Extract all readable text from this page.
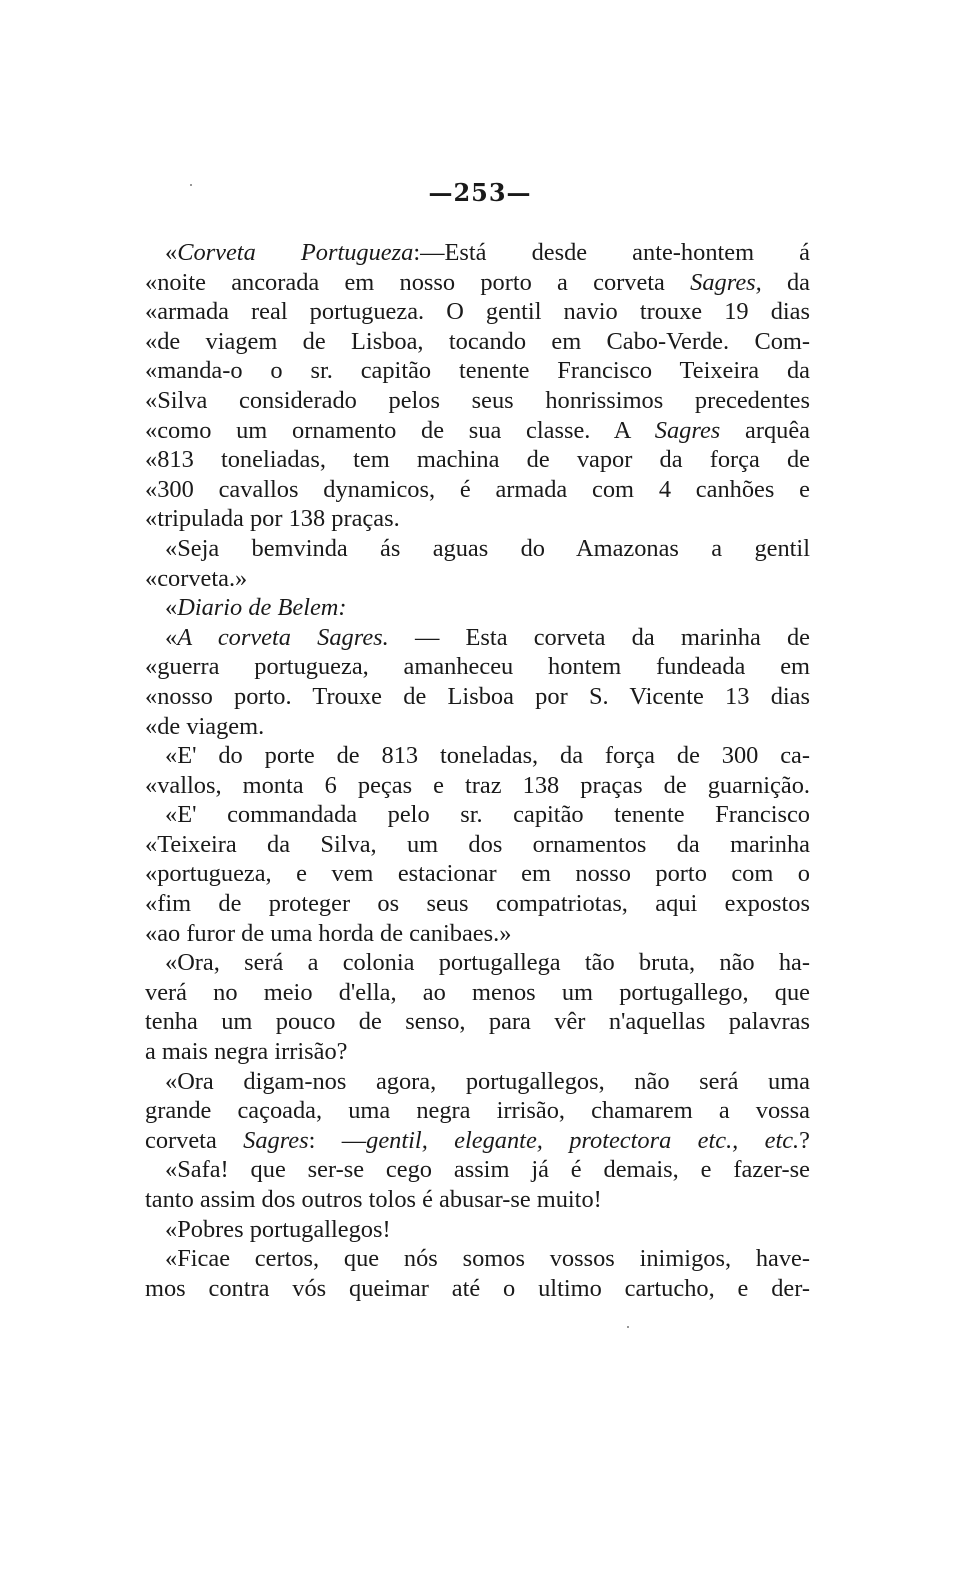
—253—
«Corveta Portugueza:—Está desde ante-hontem á
«noite ancorada em nosso porto a corveta Sagres, da
«armada real portugueza. O gentil navio trouxe 19 dias
«de viagem de Lisboa, tocando em Cabo-Verde. Com-
«manda-o o sr. capitão tenente Francisco Teixeira da
«Silva considerado pelos seus honrissimos precedentes
«como um ornamento de sua classe. A Sagres arquêa
«813 toneliadas, tem machina de vapor da força de
«300 cavallos dynamicos, é armada com 4 canhões e
«tripulada por 138 praças.
«Seja bemvinda ás aguas do Amazonas a gentil
«corveta.»
«Diario de Belem:
«A corveta Sagres. — Esta corveta da marinha de
«guerra portugueza, amanheceu hontem fundeada em
«nosso porto. Trouxe de Lisboa por S. Vicente 13 dias
«de viagem.
«E' do porte de 813 toneladas, da força de 300 ca-
«vallos, monta 6 peças e traz 138 praças de guarnição.
«E' commandada pelo sr. capitão tenente Francisco
«Teixeira da Silva, um dos ornamentos da marinha
«portugueza, e vem estacionar em nosso porto com o
«fim de proteger os seus compatriotas, aqui expostos
«ao furor de uma horda de canibaes.»
«Ora, será a colonia portugallega tão bruta, não ha-
verá no meio d'ella, ao menos um portugallego, que
tenha um pouco de senso, para vêr n'aquellas palavras
a mais negra irrisão?
«Ora digam-nos agora, portugallegos, não será uma
grande caçoada, uma negra irrisão, chamarem a vossa
corveta Sagres: —gentil, elegante, protectora etc., etc.?
«Safa! que ser-se cego assim já é demais, e fazer-se
tanto assim dos outros tolos é abusar-se muito!
«Pobres portugallegos!
«Ficae certos, que nós somos vossos inimigos, have-
mos contra vós queimar até o ultimo cartucho, e der-
